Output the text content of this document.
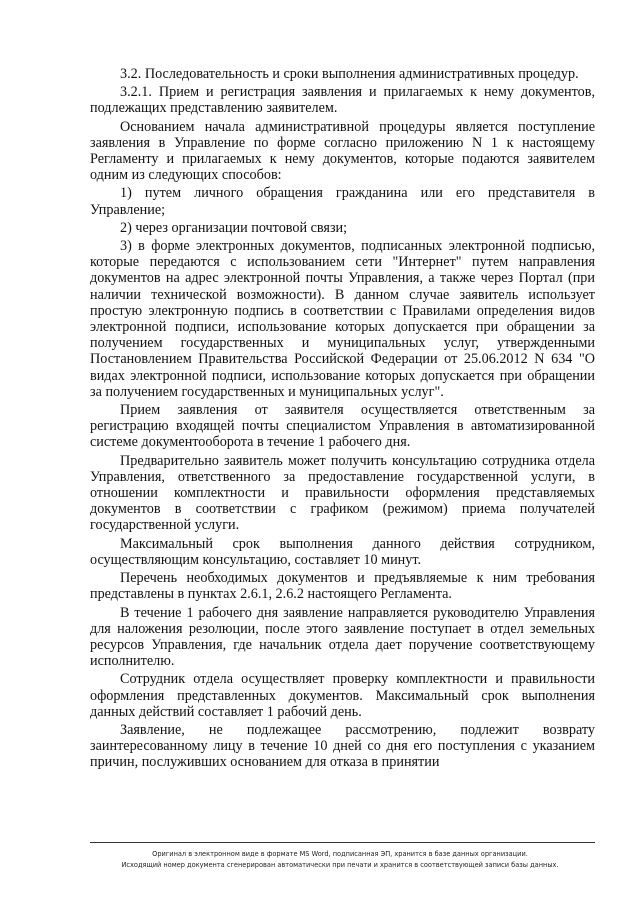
3.2. Последовательность и сроки выполнения административных процедур.

3.2.1. Прием и регистрация заявления и прилагаемых к нему документов, подлежащих представлению заявителем.

Основанием начала административной процедуры является поступление заявления в Управление по форме согласно приложению N 1 к настоящему Регламенту и прилагаемых к нему документов, которые подаются заявителем одним из следующих способов:

1) путем личного обращения гражданина или его представителя в Управление;

2) через организации почтовой связи;

3) в форме электронных документов, подписанных электронной подписью, которые передаются с использованием сети "Интернет" путем направления документов на адрес электронной почты Управления, а также через Портал (при наличии технической возможности). В данном случае заявитель использует простую электронную подпись в соответствии с Правилами определения видов электронной подписи, использование которых допускается при обращении за получением государственных и муниципальных услуг, утвержденными Постановлением Правительства Российской Федерации от 25.06.2012 N 634 "О видах электронной подписи, использование которых допускается при обращении за получением государственных и муниципальных услуг".

Прием заявления от заявителя осуществляется ответственным за регистрацию входящей почты специалистом Управления в автоматизированной системе документооборота в течение 1 рабочего дня.

Предварительно заявитель может получить консультацию сотрудника отдела Управления, ответственного за предоставление государственной услуги, в отношении комплектности и правильности оформления представляемых документов в соответствии с графиком (режимом) приема получателей государственной услуги.

Максимальный срок выполнения данного действия сотрудником, осуществляющим консультацию, составляет 10 минут.

Перечень необходимых документов и предъявляемые к ним требования представлены в пунктах 2.6.1, 2.6.2 настоящего Регламента.

В течение 1 рабочего дня заявление направляется руководителю Управления для наложения резолюции, после этого заявление поступает в отдел земельных ресурсов Управления, где начальник отдела дает поручение соответствующему исполнителю.

Сотрудник отдела осуществляет проверку комплектности и правильности оформления представленных документов. Максимальный срок выполнения данных действий составляет 1 рабочий день.

Заявление, не подлежащее рассмотрению, подлежит возврату заинтересованному лицу в течение 10 дней со дня его поступления с указанием причин, послуживших основанием для отказа в принятии

Оригинал в электронном виде в формате MS Word, подписанная ЭП, хранится в базе данных организации.
Исходящий номер документа сгенерирован автоматически при печати и хранится в соответствующей записи базы данных.
